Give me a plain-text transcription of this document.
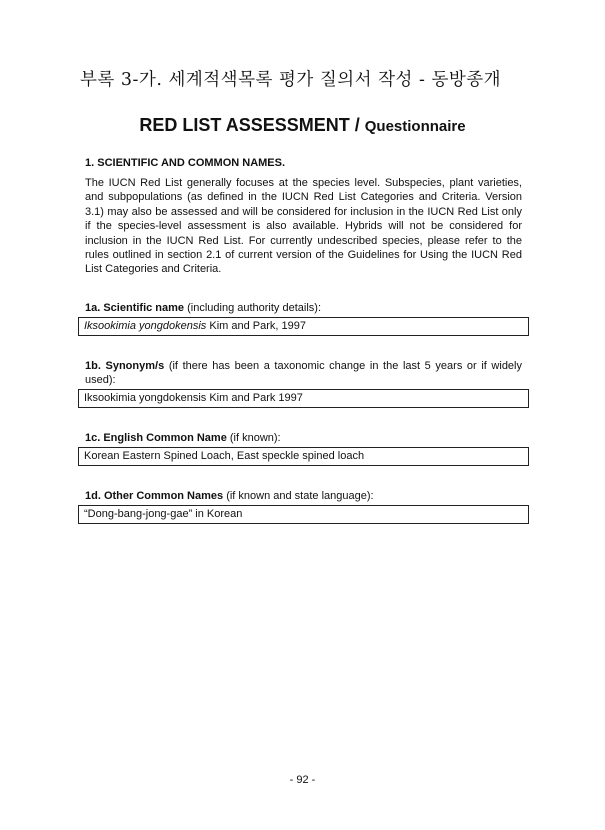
부록 3-가. 세계적색목록 평가 질의서 작성 - 동방종개
RED LIST ASSESSMENT / Questionnaire
1. SCIENTIFIC AND COMMON NAMES.

The IUCN Red List generally focuses at the species level. Subspecies, plant varieties, and subpopulations (as defined in the IUCN Red List Categories and Criteria. Version 3.1) may also be assessed and will be considered for inclusion in the IUCN Red List only if the species-level assessment is also available. Hybrids will not be considered for inclusion in the IUCN Red List. For currently undescribed species, please refer to the rules outlined in section 2.1 of current version of the Guidelines for Using the IUCN Red List Categories and Criteria.

1a. Scientific name (including authority details):

Iksookimia yongdokensis Kim and Park, 1997

1b. Synonym/s (if there has been a taxonomic change in the last 5 years or if widely used):

Iksookimia yongdokensis Kim and Park 1997

1c. English Common Name (if known):

Korean Eastern Spined Loach, East speckle spined loach

1d. Other Common Names (if known and state language):

“Dong-bang-jong-gae” in Korean
- 92 -
